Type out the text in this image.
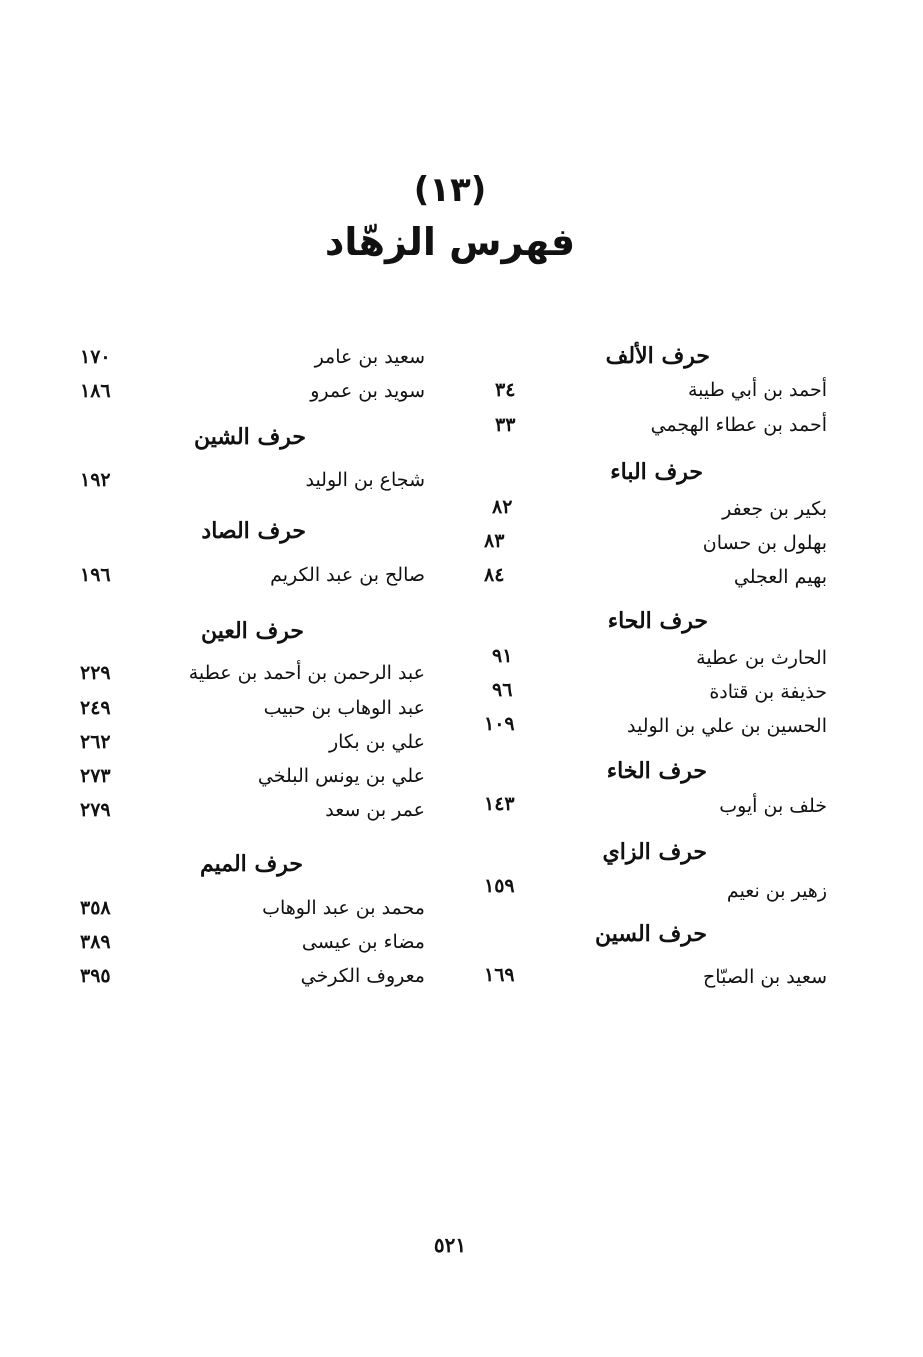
(١٣)
فهرس الزهّاد
حرف الألف
أحمد بن أبي طيبة
٣٤
أحمد بن عطاء الهجمي
٣٣
حرف الباء
بكير بن جعفر
٨٢
بهلول بن حسان
٨٣
بهيم العجلي
٨٤
حرف الحاء
الحارث بن عطية
٩١
حذيفة بن قتادة
٩٦
الحسين بن علي بن الوليد
١٠٩
حرف الخاء
خلف بن أيوب
١٤٣
حرف الزاي
زهير بن نعيم
١٥٩
حرف السين
سعيد بن الصبّاح
١٦٩
سعيد بن عامر
١٧٠
سويد بن عمرو
١٨٦
حرف الشين
شجاع بن الوليد
١٩٢
حرف الصاد
صالح بن عبد الكريم
١٩٦
حرف العين
عبد الرحمن بن أحمد بن عطية
٢٢٩
عبد الوهاب بن حبيب
٢٤٩
علي بن بكار
٢٦٢
علي بن يونس البلخي
٢٧٣
عمر بن سعد
٢٧٩
حرف الميم
محمد بن عبد الوهاب
٣٥٨
مضاء بن عيسى
٣٨٩
معروف الكرخي
٣٩٥
٥٢١
